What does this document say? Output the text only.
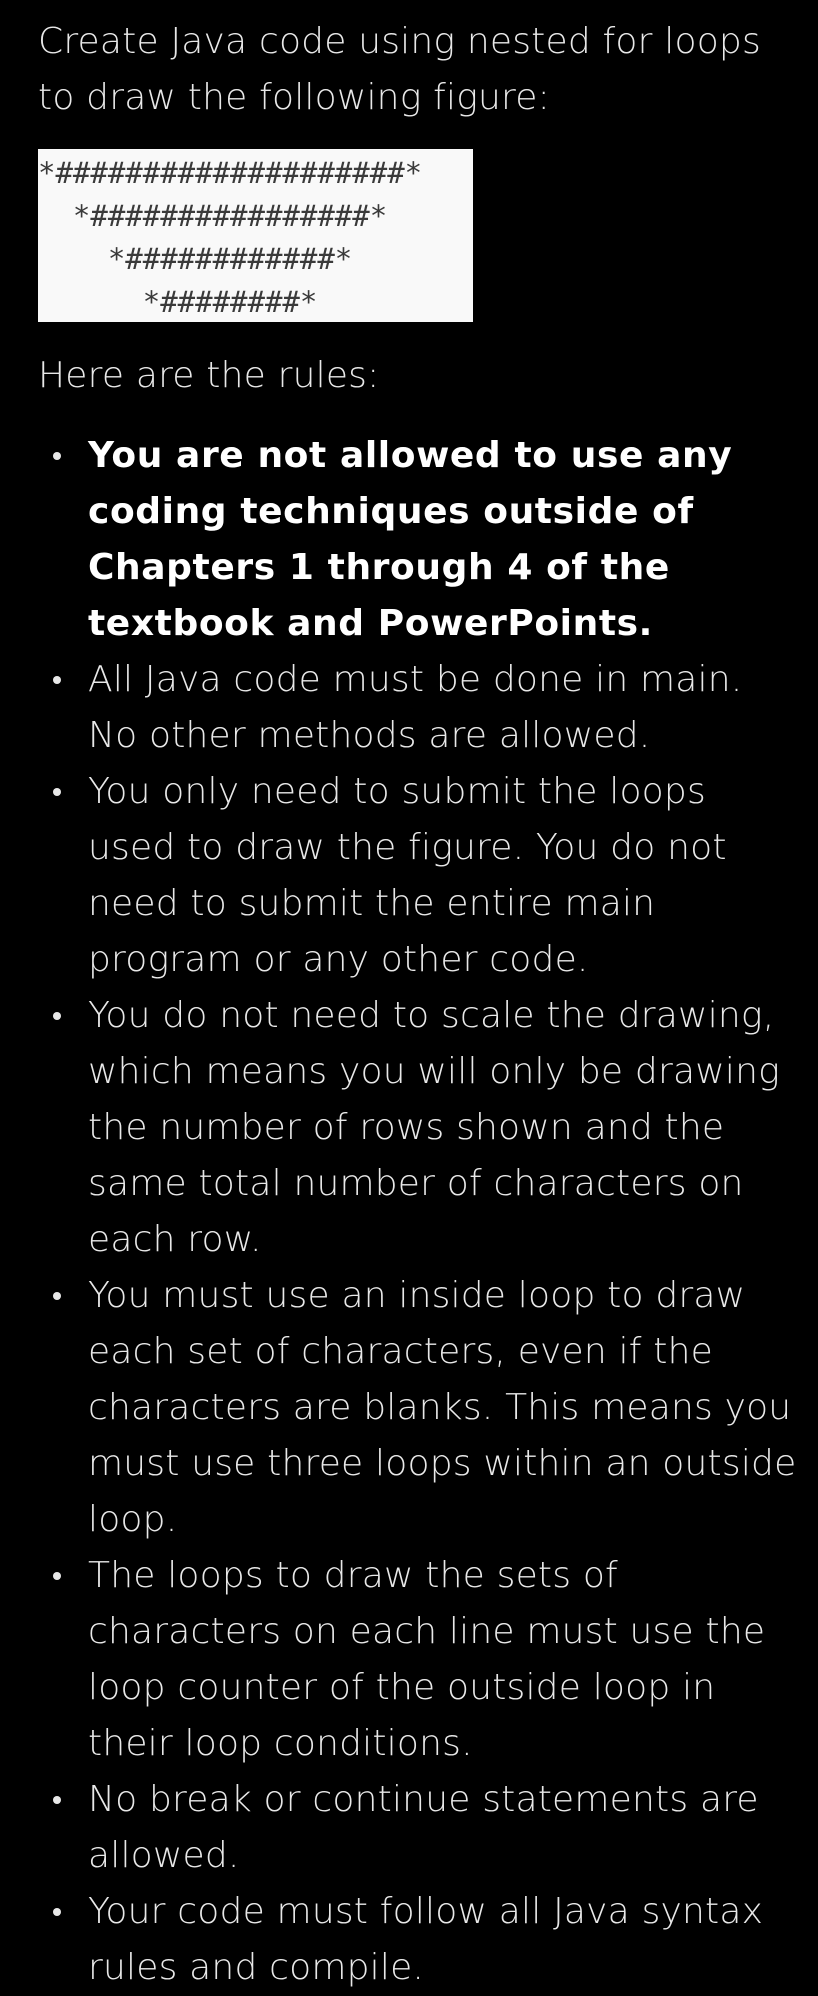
Create Java code using nested for loops to draw the following figure:
*####################*
*################*
*############*
*########*
Here are the rules:
You are not allowed to use any coding techniques outside of Chapters 1 through 4 of the textbook and PowerPoints.
All Java code must be done in main. No other methods are allowed.
You only need to submit the loops used to draw the figure. You do not need to submit the entire main program or any other code.
You do not need to scale the drawing, which means you will only be drawing the number of rows shown and the same total number of characters on each row.
You must use an inside loop to draw each set of characters, even if the characters are blanks. This means you must use three loops within an outside loop.
The loops to draw the sets of characters on each line must use the loop counter of the outside loop in their loop conditions.
No break or continue statements are allowed.
Your code must follow all Java syntax rules and compile.
